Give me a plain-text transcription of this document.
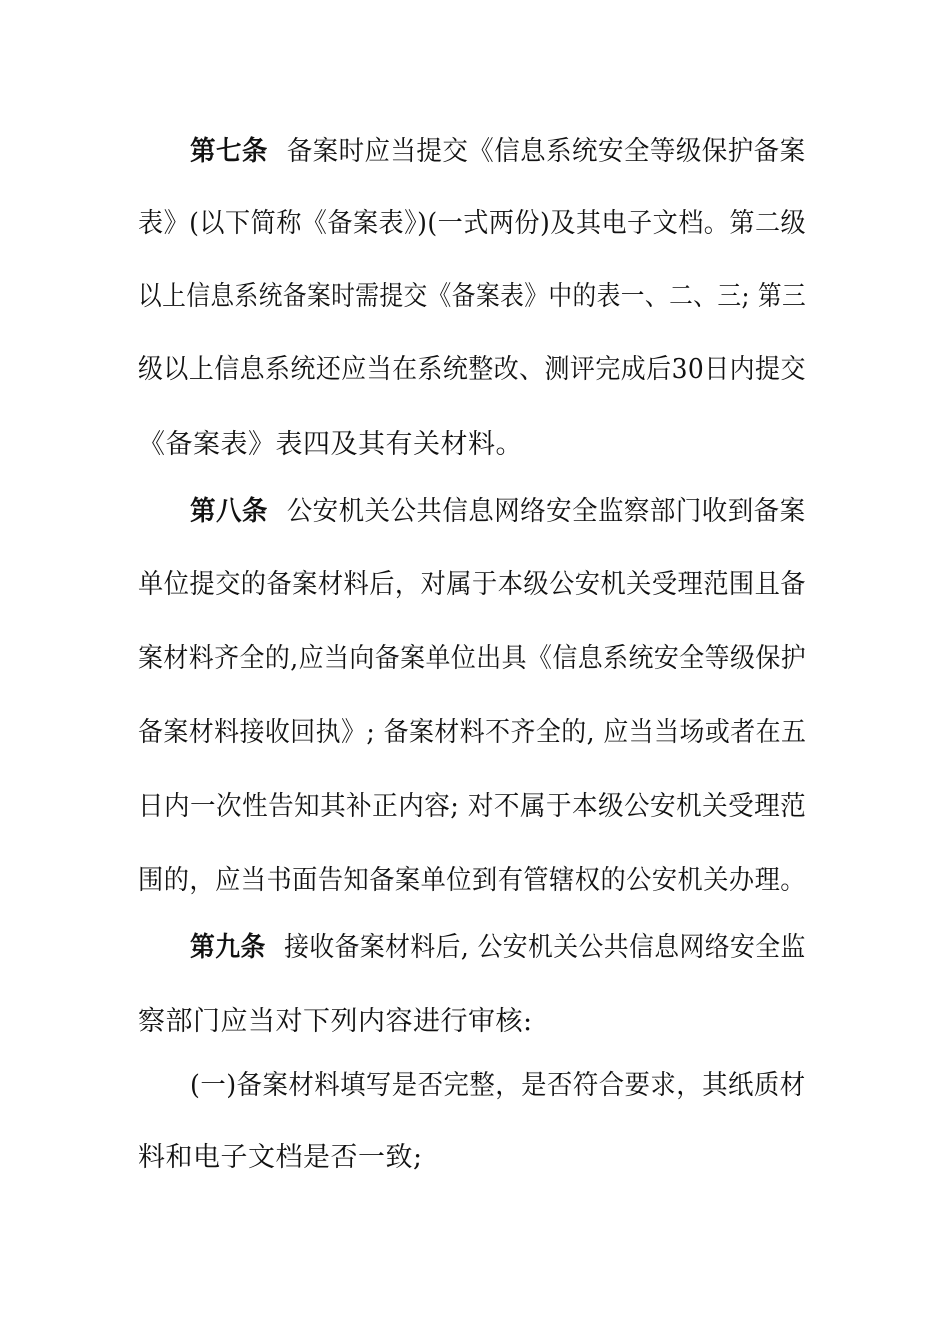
第七条 备案时应当提交《信息系统安全等级保护备案
表》(以下简称《备案表》)(一式两份)及其电子文档。第二级
以上信息系统备案时需提交《备案表》中的表一、二、三; 第三
级以上信息系统还应当在系统整改、测评完成后30日内提交
《备案表》表四及其有关材料。
第八条 公安机关公共信息网络安全监察部门收到备案
单位提交的备案材料后，对属于本级公安机关受理范围且备
案材料齐全的,应当向备案单位出具《信息系统安全等级保护
备案材料接收回执》; 备案材料不齐全的, 应当当场或者在五
日内一次性告知其补正内容; 对不属于本级公安机关受理范
围的，应当书面告知备案单位到有管辖权的公安机关办理。
第九条 接收备案材料后, 公安机关公共信息网络安全监
察部门应当对下列内容进行审核:
(一)备案材料填写是否完整，是否符合要求，其纸质材
料和电子文档是否一致;
